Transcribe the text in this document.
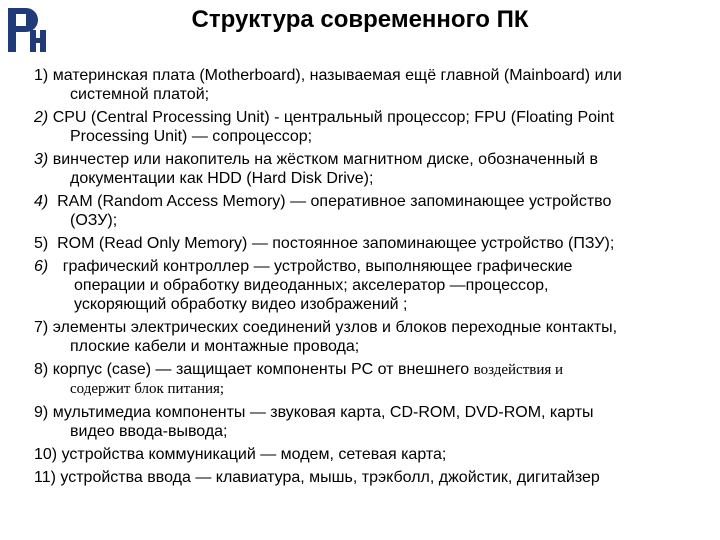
Структура современного ПК
1) материнская плата (Motherboard), называемая ещё главной (Mainboard) или
системной платой;
2) CPU (Central Processing Unit) - центральный процессор; FPU (Floating Point
Processing Unit) — сопроцессор;
3) винчестер или накопитель на жёстком магнитном диске, обозначенный в
документации как HDD (Hard Disk Drive);
4) RAM (Random Access Memory) — оперативное запоминающее устройство
(ОЗУ);
5) ROM (Read Only Memory) — постоянное запоминающее устройство (ПЗУ);
6) графический контроллер — устройство, выполняющее графические
операции и обработку видеоданных; акселератор —процессор,
ускоряющий обработку видео изображений ;
7) элементы электрических соединений узлов и блоков переходные контакты,
плоские кабели и монтажные провода;
8) корпус (case) — защищает компоненты PC от внешнего воздействия и
содержит блок питания;
9) мультимедиа компоненты — звуковая карта, CD-ROM, DVD-ROM, карты
видео ввода-вывода;
10) устройства коммуникаций — модем, сетевая карта;
11) устройства ввода — клавиатура, мышь, трэкболл, джойстик, дигитайзер
